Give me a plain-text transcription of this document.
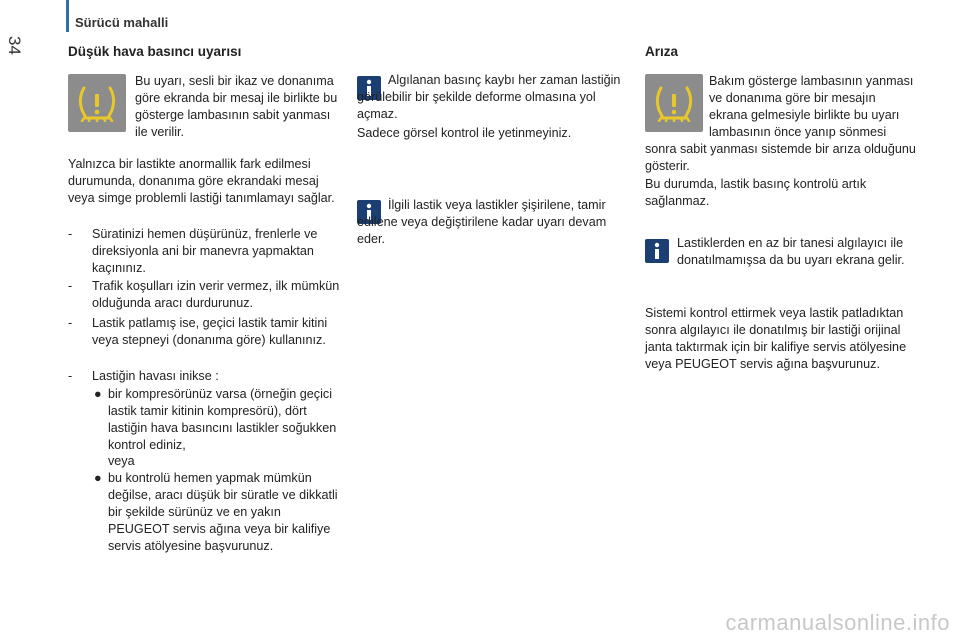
Sürücü mahalli
34	Düşük hava basıncı uyarısı

Bu uyarı, sesli bir ikaz ve donanıma göre ekranda bir mesaj ile birlikte bu gösterge lambasının sabit yanması ile verilir.

Yalnızca bir lastikte anormallik fark edilmesi durumunda, donanıma göre ekrandaki mesaj veya simge problemli lastiği tanımlamayı sağlar.

- Süratinizi hemen düşürünüz, frenlerle ve direksiyonla ani bir manevra yapmaktan kaçınınız.
- Trafik koşulları izin verir vermez, ilk mümkün olduğunda aracı durdurunuz.
- Lastik patlamış ise, geçici lastik tamir kitini veya stepneyi (donanıma göre) kullanınız.
- Lastiğin havası inikse :
● bir kompresörünüz varsa (örneğin geçici lastik tamir kitinin kompresörü), dört lastiğin hava basıncını lastikler soğukken kontrol ediniz,

veya

● bu kontrolü hemen yapmak mümkün değilse, aracı düşük bir süratle ve dikkatli bir şekilde sürünüz ve en yakın PEUGEOT servis ağına veya bir kalifiye servis atölyesine başvurunuz.

Algılanan basınç kaybı her zaman lastiğin görülebilir bir şekilde deforme olmasına yol açmaz.

Sadece görsel kontrol ile yetinmeyiniz.

İlgili lastik veya lastikler şişirilene, tamir edilene veya değiştirilene kadar uyarı devam eder.

Arıza

Bakım gösterge lambasının yanması ve donanıma göre bir mesajın ekrana gelmesiyle birlikte bu uyarı lambasının önce yanıp sönmesi sonra sabit yanması sistemde bir arıza olduğunu gösterir.

Bu durumda, lastik basınç kontrolü artık sağlanmaz.

Lastiklerden en az bir tanesi algılayıcı ile donatılmamışsa da bu uyarı ekrana gelir.

Sistemi kontrol ettirmek veya lastik patladıktan sonra algılayıcı ile donatılmış bir lastiği orijinal janta taktırmak için bir kalifiye servis atölyesine veya PEUGEOT servis ağına başvurunuz.

carmanualsonline.info
